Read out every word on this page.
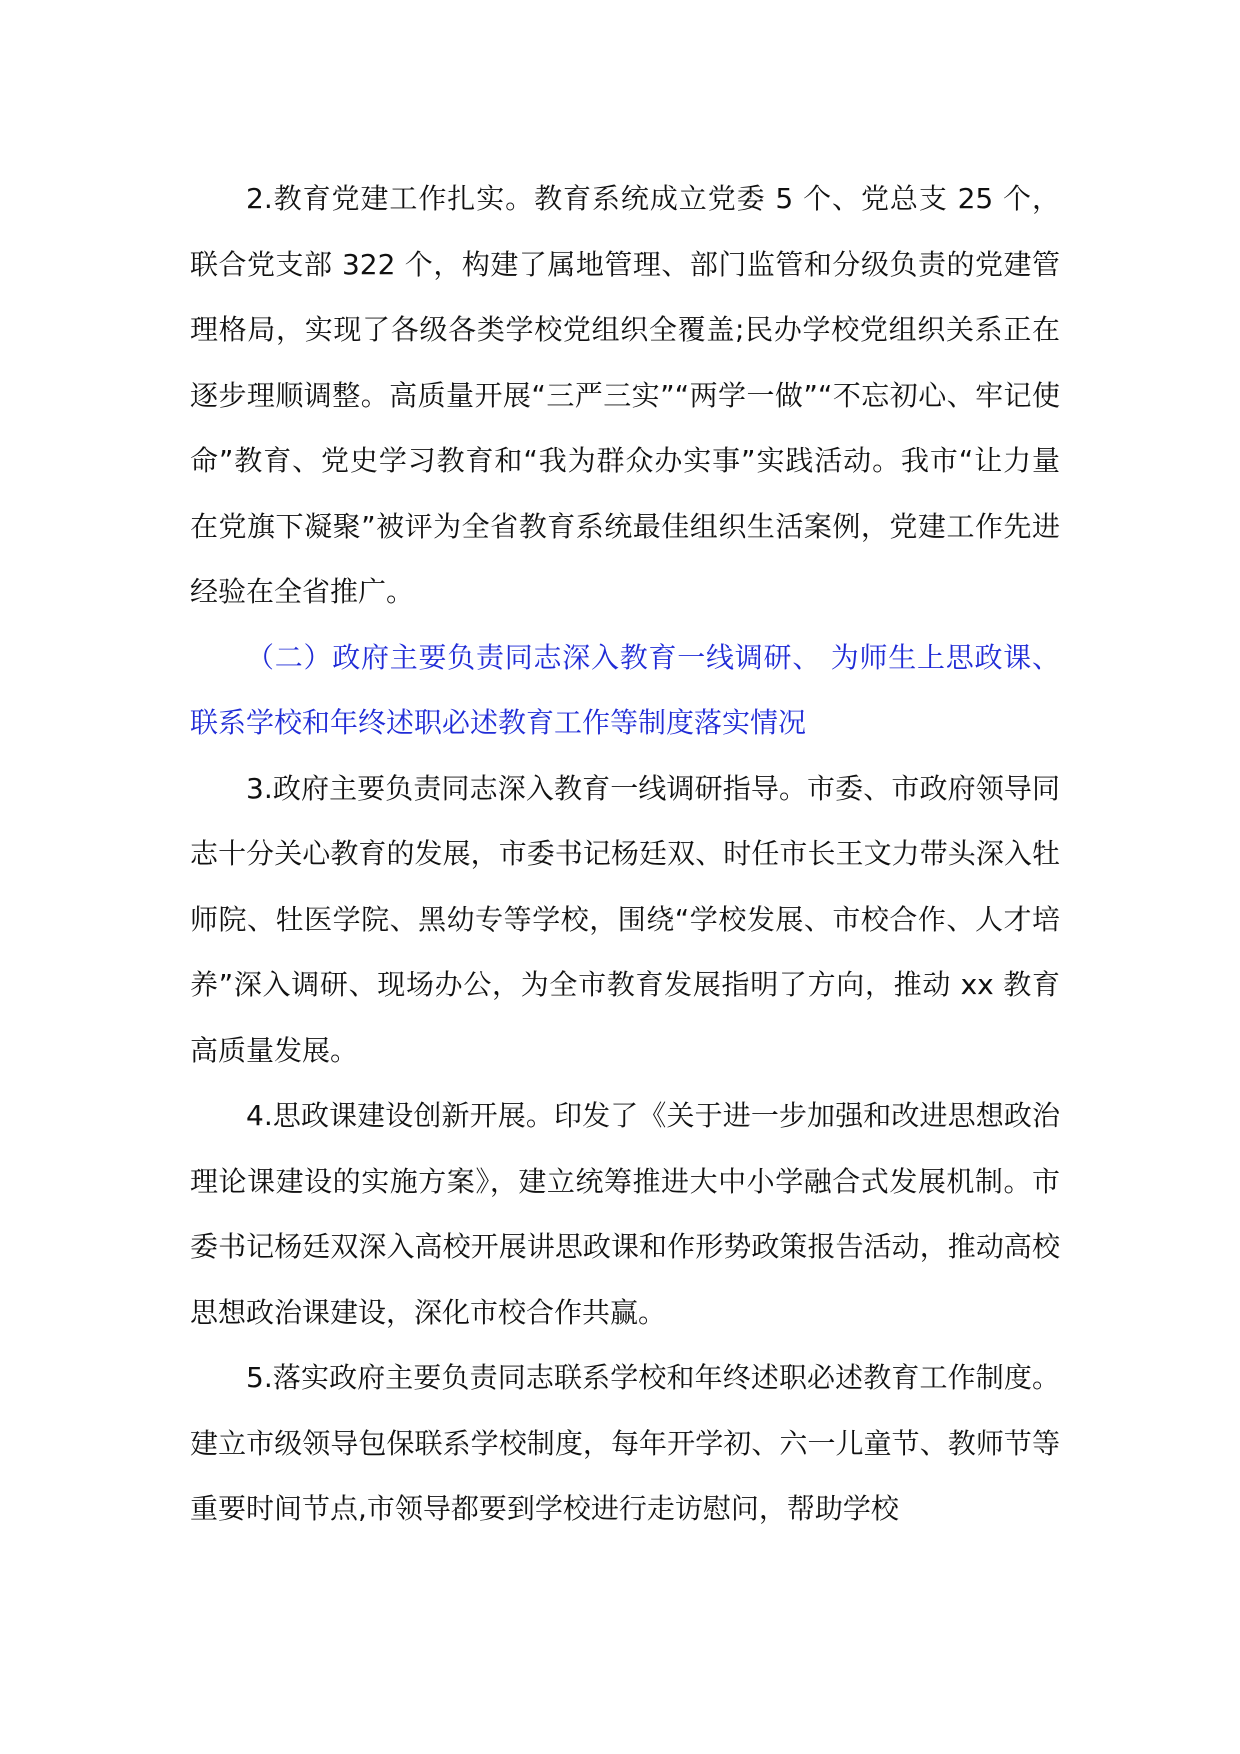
2.教育党建工作扎实。教育系统成立党委 5 个、党总支 25 个，联合党支部 322 个，构建了属地管理、部门监管和分级负责的党建管理格局，实现了各级各类学校党组织全覆盖;民办学校党组织关系正在逐步理顺调整。高质量开展“三严三实”“两学一做”“不忘初心、牢记使命”教育、党史学习教育和“我为群众办实事”实践活动。我市“让力量在党旗下凝聚”被评为全省教育系统最佳组织生活案例，党建工作先进经验在全省推广。

（二）政府主要负责同志深入教育一线调研、 为师生上思政课、联系学校和年终述职必述教育工作等制度落实情况

3.政府主要负责同志深入教育一线调研指导。市委、市政府领导同志十分关心教育的发展，市委书记杨廷双、时任市长王文力带头深入牡师院、牡医学院、黑幼专等学校，围绕“学校发展、市校合作、人才培养”深入调研、现场办公，为全市教育发展指明了方向，推动 xx 教育高质量发展。

4.思政课建设创新开展。印发了《关于进一步加强和改进思想政治理论课建设的实施方案》，建立统筹推进大中小学融合式发展机制。市委书记杨廷双深入高校开展讲思政课和作形势政策报告活动，推动高校思想政治课建设，深化市校合作共赢。

5.落实政府主要负责同志联系学校和年终述职必述教育工作制度。建立市级领导包保联系学校制度，每年开学初、六一儿童节、教师节等重要时间节点,市领导都要到学校进行走访慰问，帮助学校
